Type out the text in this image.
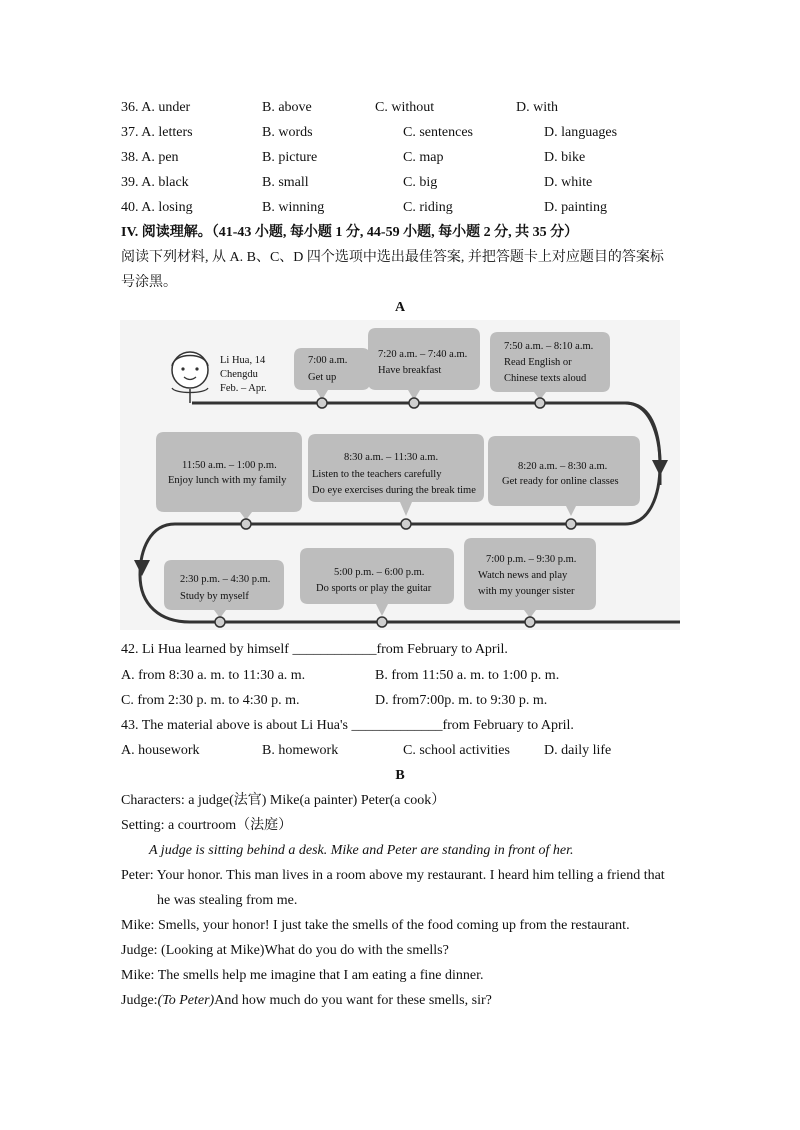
36. A. under	B. above	C. without	D. with
37. A. letters	B. words	C. sentences	D. languages
38. A. pen	B. picture	C. map	D. bike
39. A. black	B. small	C. big	D. white
40. A. losing	B. winning	C. riding	D. painting
IV. 阅读理解。（41-43 小题, 每小题 1 分, 44-59 小题, 每小题 2 分, 共 35 分）
阅读下列材料, 从 A. B、C、D 四个选项中选出最佳答案, 并把答题卡上对应题目的答案标
号涂黑。
A
Li Hua, 14
Chengdu
Feb. – Apr.
7:00 a.m.
Get up
7:20 a.m. – 7:40 a.m.
Have breakfast
7:50 a.m. – 8:10 a.m.
Read English or
Chinese texts aloud
8:20 a.m. – 8:30 a.m.
Get ready for online classes
8:30 a.m. – 11:30 a.m.
Listen to the teachers carefully
Do eye exercises during the break time
11:50 a.m. – 1:00 p.m.
Enjoy lunch with my family
2:30 p.m. – 4:30 p.m.
Study by myself
5:00 p.m. – 6:00 p.m.
Do sports or play the guitar
7:00 p.m. – 9:30 p.m.
Watch news and play
with my younger sister
42. Li Hua learned by himself ____________from February to April.
A. from 8:30 a. m. to 11:30 a. m.	B. from 11:50 a. m. to 1:00 p. m.
C. from 2:30 p. m. to 4:30 p. m.	D. from7:00p. m. to 9:30 p. m.
43. The material above is about Li Hua's _____________from February to April.
A. housework	B. homework	C. school activities D. daily life
B
Characters: a judge(法官) Mike(a painter) Peter(a cook）
Setting: a courtroom（法庭）
A judge is sitting behind a desk. Mike and Peter are standing in front of her.
Peter: Your honor. This man lives in a room above my restaurant. I heard him telling a friend that
he was stealing from me.
Mike: Smells, your honor! I just take the smells of the food coming up from the restaurant.
Judge: (Looking at Mike)What do you do with the smells?
Mike: The smells help me imagine that I am eating a fine dinner.
Judge:(To Peter)And how much do you want for these smells, sir?
